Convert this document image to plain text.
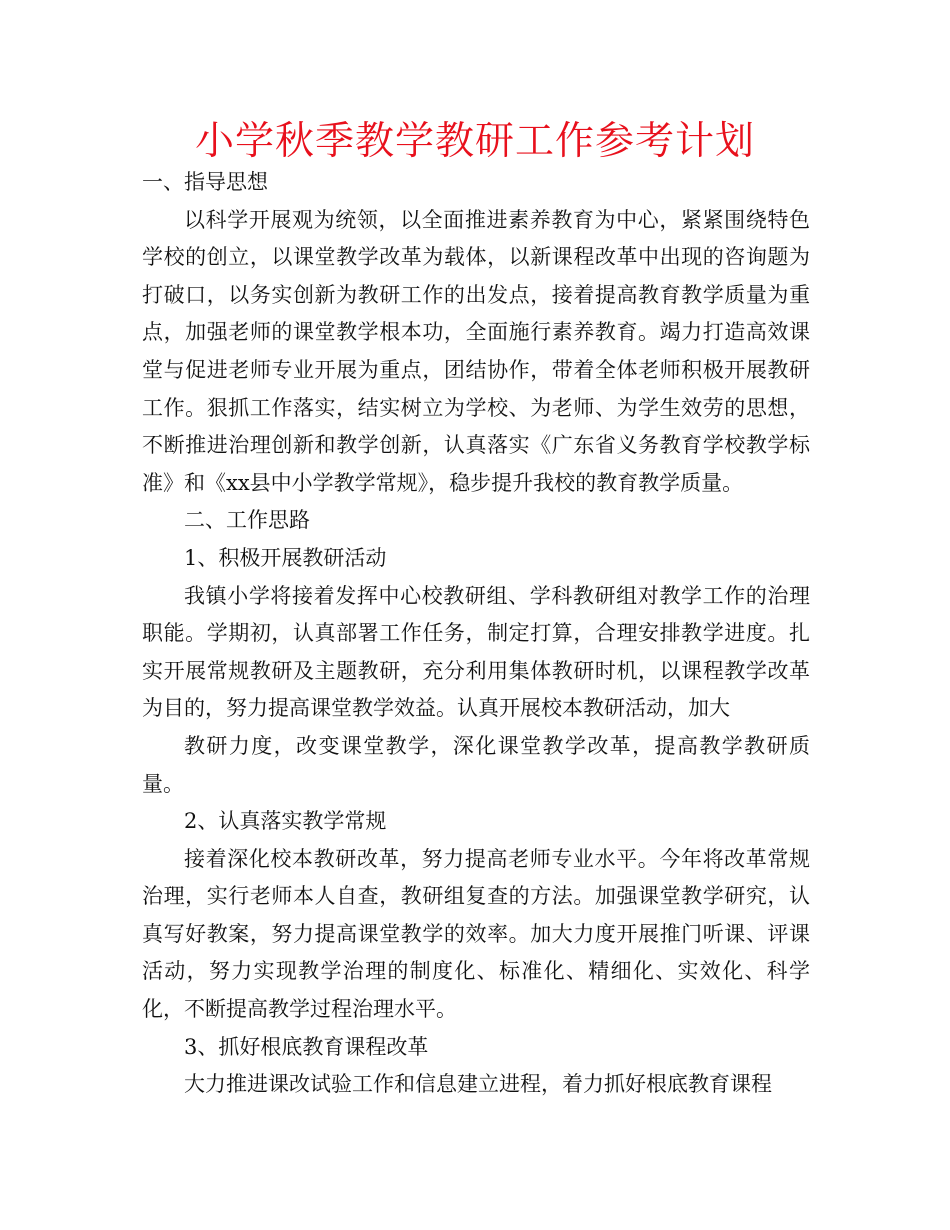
小学秋季教学教研工作参考计划

一、指导思想

以科学开展观为统领，以全面推进素养教育为中心，紧紧围绕特色学校的创立，以课堂教学改革为载体，以新课程改革中出现的咨询题为打破口，以务实创新为教研工作的出发点，接着提高教育教学质量为重点，加强老师的课堂教学根本功，全面施行素养教育。竭力打造高效课堂与促进老师专业开展为重点，团结协作，带着全体老师积极开展教研工作。狠抓工作落实，结实树立为学校、为老师、为学生效劳的思想，不断推进治理创新和教学创新，认真落实《广东省义务教育学校教学标准》和《xx县中小学教学常规》，稳步提升我校的教育教学质量。

二、工作思路

1、积极开展教研活动

我镇小学将接着发挥中心校教研组、学科教研组对教学工作的治理职能。学期初，认真部署工作任务，制定打算，合理安排教学进度。扎实开展常规教研及主题教研，充分利用集体教研时机，以课程教学改革为目的，努力提高课堂教学效益。认真开展校本教研活动，加大

教研力度，改变课堂教学，深化课堂教学改革，提高教学教研质量。

2、认真落实教学常规

接着深化校本教研改革，努力提高老师专业水平。今年将改革常规治理，实行老师本人自查，教研组复查的方法。加强课堂教学研究，认真写好教案，努力提高课堂教学的效率。加大力度开展推门听课、评课活动，努力实现教学治理的制度化、标准化、精细化、实效化、科学化，不断提高教学过程治理水平。

3、抓好根底教育课程改革

大力推进课改试验工作和信息建立进程，着力抓好根底教育课程
